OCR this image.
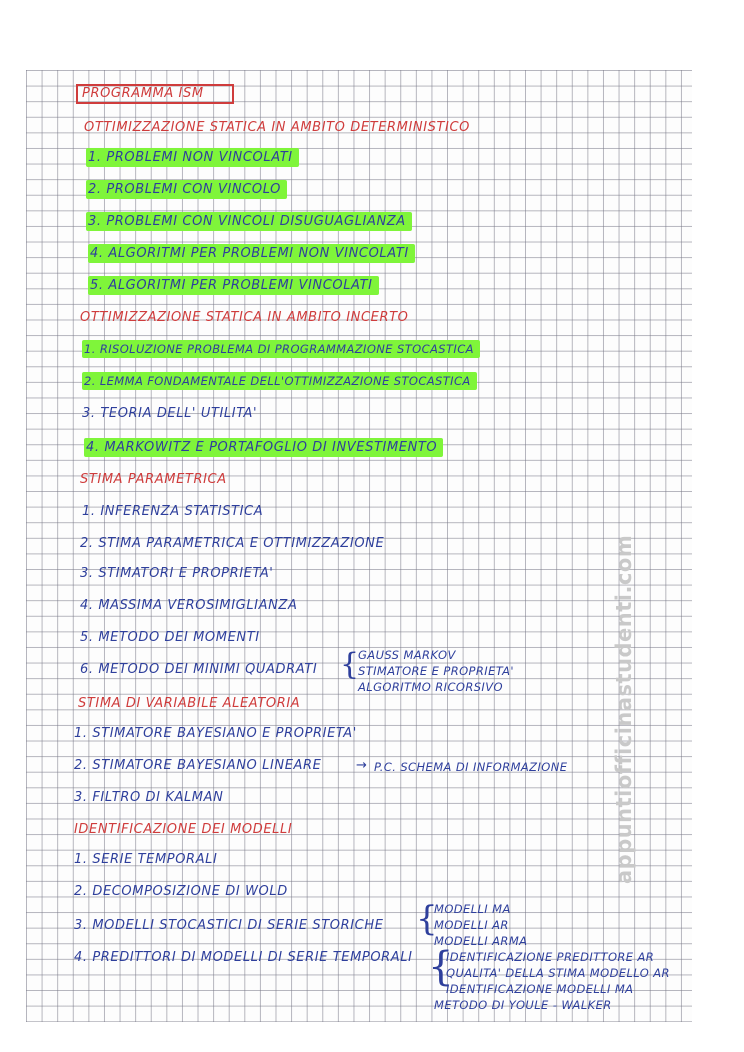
PROGRAMMA ISM
OTTIMIZZAZIONE STATICA IN AMBITO DETERMINISTICO
1. PROBLEMI NON VINCOLATI
2. PROBLEMI CON VINCOLO
3. PROBLEMI CON VINCOLI DISUGUAGLIANZA
4. ALGORITMI PER PROBLEMI NON VINCOLATI
5. ALGORITMI PER PROBLEMI VINCOLATI
OTTIMIZZAZIONE STATICA IN AMBITO INCERTO
1. RISOLUZIONE PROBLEMA DI PROGRAMMAZIONE STOCASTICA
2. LEMMA FONDAMENTALE DELL'OTTIMIZZAZIONE STOCASTICA
3. TEORIA DELL' UTILITA'
4. MARKOWITZ E PORTAFOGLIO DI INVESTIMENTO
STIMA PARAMETRICA
1. INFERENZA STATISTICA
2. STIMA PARAMETRICA E OTTIMIZZAZIONE
3. STIMATORI E PROPRIETA'
4. MASSIMA VEROSIMIGLIANZA
5. METODO DEI MOMENTI
6. METODO DEI MINIMI QUADRATI {
GAUSS MARKOV
STIMATORE E PROPRIETA'
ALGORITMO RICORSIVO
STIMA DI VARIABILE ALEATORIA
1. STIMATORE BAYESIANO E PROPRIETA'
2. STIMATORE BAYESIANO LINEARE	→ P.C. SCHEMA DI INFORMAZIONE
3. FILTRO DI KALMAN
IDENTIFICAZIONE DEI MODELLI
1. SERIE TEMPORALI
2. DECOMPOSIZIONE DI WOLD
3. MODELLI STOCASTICI DI SERIE STORICHE {
MODELLI MA
MODELLI AR
MODELLI ARMA
4. PREDITTORI DI MODELLI DI SERIE TEMPORALI {
IDENTIFICAZIONE PREDITTORE AR
QUALITA' DELLA STIMA MODELLO AR
IDENTIFICAZIONE MODELLI MA
METODO DI YOULE - WALKER
appuntiofficinastudenti.com
